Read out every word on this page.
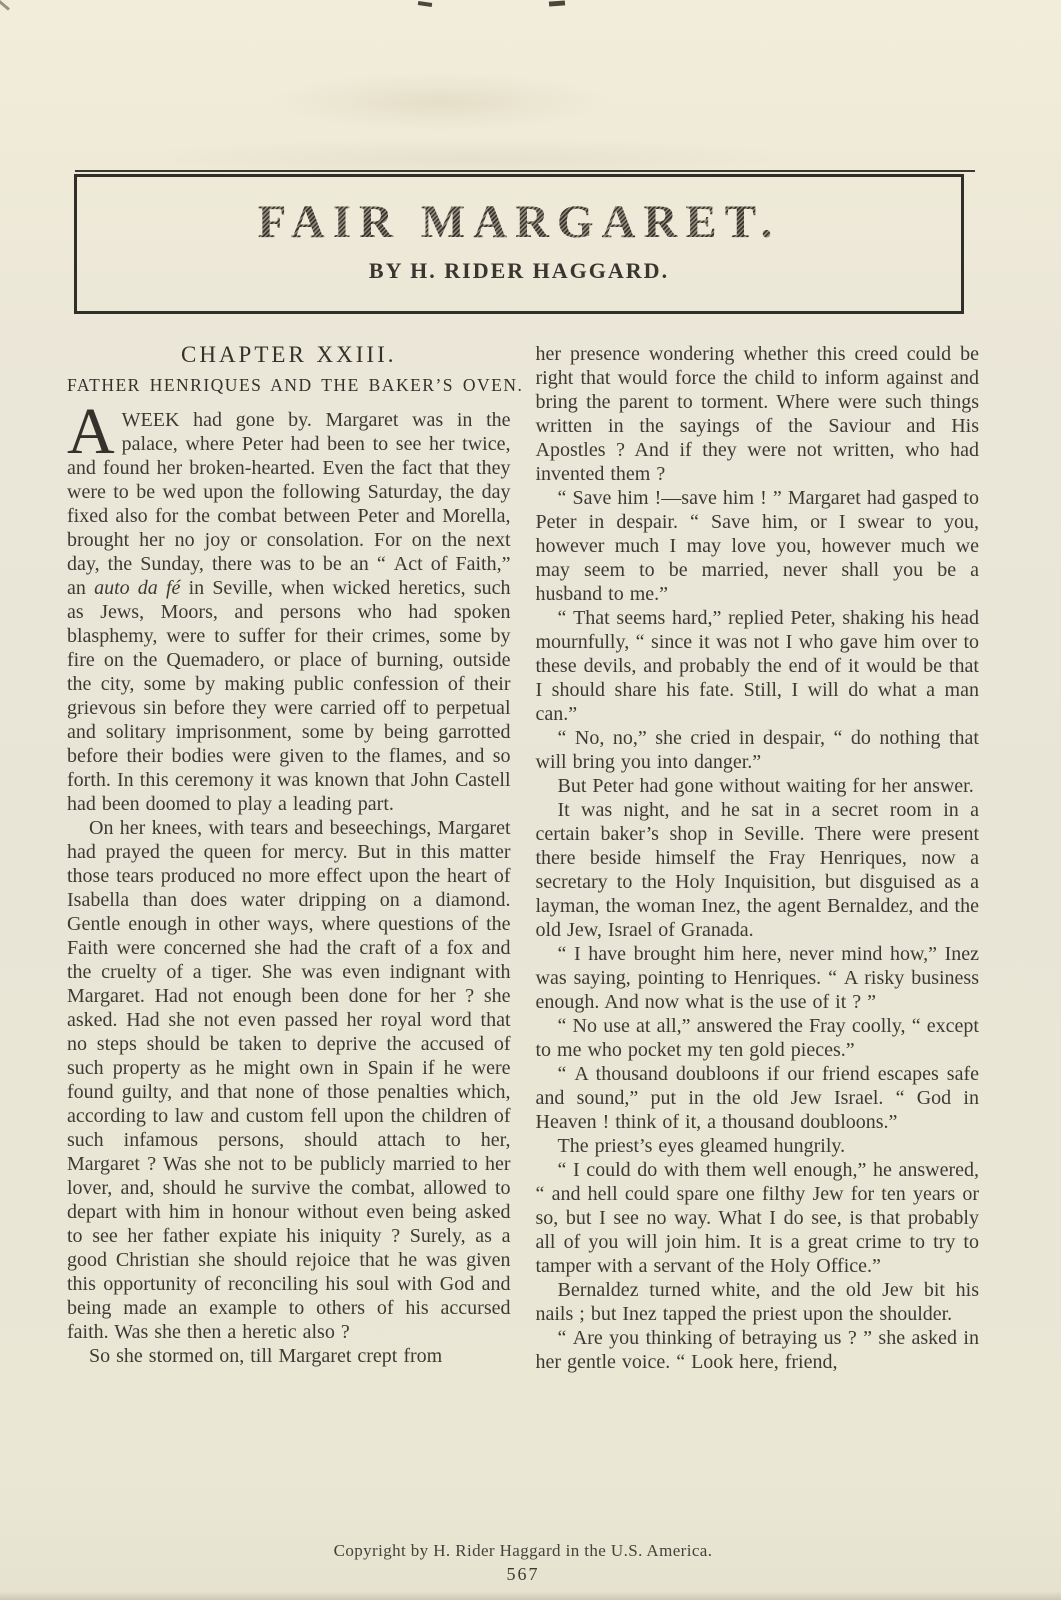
FAIR MARGARET.
BY H. RIDER HAGGARD.

CHAPTER XXIII.

FATHER HENRIQUES AND THE BAKER’S OVEN.

AWEEK had gone by. Margaret was in the palace, where Peter had been to see her twice, and found her broken-hearted. Even the fact that they were to be wed upon the following Saturday, the day fixed also for the combat between Peter and Morella, brought her no joy or consolation. For on the next day, the Sunday, there was to be an “ Act of Faith,” an auto da fé in Seville, when wicked heretics, such as Jews, Moors, and persons who had spoken blasphemy, were to suffer for their crimes, some by fire on the Quemadero, or place of burning, outside the city, some by making public confession of their grievous sin before they were carried off to perpetual and solitary imprisonment, some by being garrotted before their bodies were given to the flames, and so forth. In this ceremony it was known that John Castell had been doomed to play a leading part.

On her knees, with tears and beseechings, Margaret had prayed the queen for mercy. But in this matter those tears produced no more effect upon the heart of Isabella than does water dripping on a diamond. Gentle enough in other ways, where questions of the Faith were concerned she had the craft of a fox and the cruelty of a tiger. She was even indignant with Margaret. Had not enough been done for her ? she asked. Had she not even passed her royal word that no steps should be taken to deprive the accused of such property as he might own in Spain if he were found guilty, and that none of those penalties which, according to law and custom fell upon the children of such infamous persons, should attach to her, Margaret ? Was she not to be publicly married to her lover, and, should he survive the combat, allowed to depart with him in honour without even being asked to see her father expiate his iniquity ? Surely, as a good Christian she should rejoice that he was given this opportunity of reconciling his soul with God and being made an example to others of his accursed faith. Was she then a heretic also ?

So she stormed on, till Margaret crept from

her presence wondering whether this creed could be right that would force the child to inform against and bring the parent to torment. Where were such things written in the sayings of the Saviour and His Apostles ? And if they were not written, who had invented them ?

“ Save him !—save him ! ” Margaret had gasped to Peter in despair. “ Save him, or I swear to you, however much I may love you, however much we may seem to be married, never shall you be a husband to me.”

“ That seems hard,” replied Peter, shaking his head mournfully, “ since it was not I who gave him over to these devils, and probably the end of it would be that I should share his fate. Still, I will do what a man can.”

“ No, no,” she cried in despair, “ do nothing that will bring you into danger.”

But Peter had gone without waiting for her answer.

It was night, and he sat in a secret room in a certain baker’s shop in Seville. There were present there beside himself the Fray Henriques, now a secretary to the Holy Inquisition, but disguised as a layman, the woman Inez, the agent Bernaldez, and the old Jew, Israel of Granada.

“ I have brought him here, never mind how,” Inez was saying, pointing to Henriques. “ A risky business enough. And now what is the use of it ? ”

“ No use at all,” answered the Fray coolly, “ except to me who pocket my ten gold pieces.”

“ A thousand doubloons if our friend escapes safe and sound,” put in the old Jew Israel. “ God in Heaven ! think of it, a thousand doubloons.”

The priest’s eyes gleamed hungrily.

“ I could do with them well enough,” he answered, “ and hell could spare one filthy Jew for ten years or so, but I see no way. What I do see, is that probably all of you will join him. It is a great crime to try to tamper with a servant of the Holy Office.”

Bernaldez turned white, and the old Jew bit his nails ; but Inez tapped the priest upon the shoulder.

“ Are you thinking of betraying us ? ” she asked in her gentle voice. “ Look here, friend,

Copyright by H. Rider Haggard in the U.S. America.
567
